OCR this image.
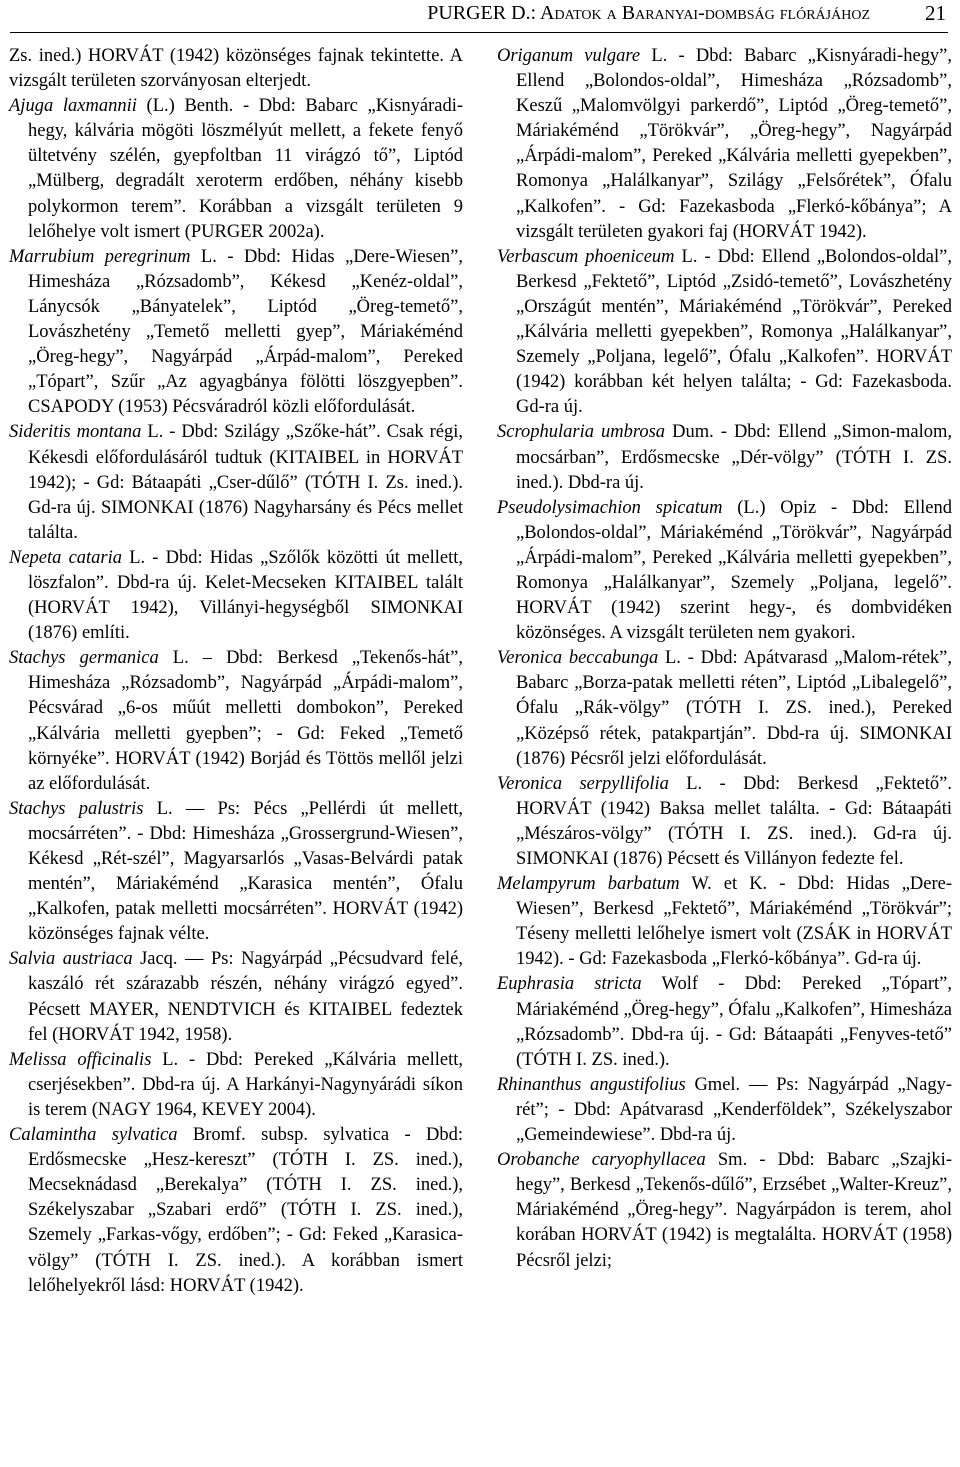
PURGER D.: Adatok a Baranyai-dombság flórájához	21

Zs. ined.) HORVÁT (1942) közönséges fajnak tekintette. A vizsgált területen szorványosan elterjedt.

Ajuga laxmannii (L.) Benth. - Dbd: Babarc „Kisnyáradi-hegy, kálvária mögöti löszmélyút mellett, a fekete fenyő ültetvény szélén, gyepfoltban 11 virágzó tő”, Liptód „Mülberg, degradált xeroterm erdőben, néhány kisebb polykormon terem”. Korábban a vizsgált területen 9 lelőhelye volt ismert (PURGER 2002a).

Marrubium peregrinum L. - Dbd: Hidas „Dere-Wiesen”, Himesháza „Rózsadomb”, Kékesd „Kenéz-oldal”, Lánycsók „Bányatelek”, Liptód „Öreg-temető”, Lovászhetény „Temető melletti gyep”, Máriakéménd „Öreg-hegy”, Nagyárpád „Árpád-malom”, Pereked „Tópart”, Szűr „Az agyagbánya fölötti löszgyepben”. CSAPODY (1953) Pécsváradról közli előfordulását.

Sideritis montana L. - Dbd: Szilágy „Szőke-hát”. Csak régi, Kékesdi előfordulásáról tudtuk (KITAIBEL in HORVÁT 1942); - Gd: Bátaapáti „Cser-dűlő” (TÓTH I. Zs. ined.). Gd-ra új. SIMONKAI (1876) Nagyharsány és Pécs mellet találta.

Nepeta cataria L. - Dbd: Hidas „Szőlők közötti út mellett, löszfalon”. Dbd-ra új. Kelet-Mecseken KITAIBEL talált (HORVÁT 1942), Villányi-hegységből SIMONKAI (1876) említi.

Stachys germanica L. – Dbd: Berkesd „Tekenős-hát”, Himesháza „Rózsadomb”, Nagyárpád „Árpádi-malom”, Pécsvárad „6-os műút melletti dombokon”, Pereked „Kálvária melletti gyepben”; - Gd: Feked „Temető környéke”. HORVÁT (1942) Borjád és Töttös mellől jelzi az előfordulását.

Stachys palustris L. — Ps: Pécs „Pellérdi út mellett, mocsárréten”. - Dbd: Himesháza „Grossergrund-Wiesen”, Kékesd „Rét-szél”, Magyarsarlós „Vasas-Belvárdi patak mentén”, Máriakéménd „Karasica mentén”, Ófalu „Kalkofen, patak melletti mocsárréten”. HORVÁT (1942) közönséges fajnak vélte.

Salvia austriaca Jacq. — Ps: Nagyárpád „Pécsudvard felé, kaszáló rét szárazabb részén, néhány virágzó egyed”. Pécsett MAYER, NENDTVICH és KITAIBEL fedeztek fel (HORVÁT 1942, 1958).

Melissa officinalis L. - Dbd: Pereked „Kálvária mellett, cserjésekben”. Dbd-ra új. A Harkányi-Nagynyárádi síkon is terem (NAGY 1964, KEVEY 2004).

Calamintha sylvatica Bromf. subsp. sylvatica - Dbd: Erdősmecske „Hesz-kereszt” (TÓTH I. ZS. ined.), Mecseknádasd „Berekalya” (TÓTH I. ZS. ined.), Székelyszabar „Szabari erdő” (TÓTH I. ZS. ined.), Szemely „Farkas-vőgy, erdőben”; - Gd: Feked „Karasica-völgy” (TÓTH I. ZS. ined.). A korábban ismert lelőhelyekről lásd: HORVÁT (1942).

Origanum vulgare L. - Dbd: Babarc „Kisnyáradi-hegy”, Ellend „Bolondos-oldal”, Himesháza „Rózsadomb”, Keszű „Malomvölgyi parkerdő”, Liptód „Öreg-temető”, Máriakéménd „Törökvár”, „Öreg-hegy”, Nagyárpád „Árpádi-malom”, Pereked „Kálvária melletti gyepekben”, Romonya „Halálkanyar”, Szilágy „Felsőrétek”, Ófalu „Kalkofen”. - Gd: Fazekasboda „Flerkó-kőbánya”; A vizsgált területen gyakori faj (HORVÁT 1942).

Verbascum phoeniceum L. - Dbd: Ellend „Bolondos-oldal”, Berkesd „Fektető”, Liptód „Zsidó-temető”, Lovászhetény „Országút mentén”, Máriakéménd „Törökvár”, Pereked „Kálvária melletti gyepekben”, Romonya „Halálkanyar”, Szemely „Poljana, legelő”, Ófalu „Kalkofen”. HORVÁT (1942) korábban két helyen találta; - Gd: Fazekasboda. Gd-ra új.

Scrophularia umbrosa Dum. - Dbd: Ellend „Simon-malom, mocsárban”, Erdősmecske „Dér-völgy” (TÓTH I. ZS. ined.). Dbd-ra új.

Pseudolysimachion spicatum (L.) Opiz - Dbd: Ellend „Bolondos-oldal”, Máriakéménd „Törökvár”, Nagyárpád „Árpádi-malom”, Pereked „Kálvária melletti gyepekben”, Romonya „Halálkanyar”, Szemely „Poljana, legelő”. HORVÁT (1942) szerint hegy-, és dombvidéken közönséges. A vizsgált területen nem gyakori.

Veronica beccabunga L. - Dbd: Apátvarasd „Malom-rétek”, Babarc „Borza-patak melletti réten”, Liptód „Libalegelő”, Ófalu „Rák-völgy” (TÓTH I. ZS. ined.), Pereked „Középső rétek, patakpartján”. Dbd-ra új. SIMONKAI (1876) Pécsről jelzi előfordulását.

Veronica serpyllifolia L. - Dbd: Berkesd „Fektető”. HORVÁT (1942) Baksa mellet találta. - Gd: Bátaapáti „Mészáros-völgy” (TÓTH I. ZS. ined.). Gd-ra új. SIMONKAI (1876) Pécsett és Villányon fedezte fel.

Melampyrum barbatum W. et K. - Dbd: Hidas „Dere-Wiesen”, Berkesd „Fektető”, Máriakéménd „Törökvár”; Téseny melletti lelőhelye ismert volt (ZSÁK in HORVÁT 1942). - Gd: Fazekasboda „Flerkó-kőbánya”. Gd-ra új.

Euphrasia stricta Wolf - Dbd: Pereked „Tópart”, Máriakéménd „Öreg-hegy”, Ófalu „Kalkofen”, Himesháza „Rózsadomb”. Dbd-ra új. - Gd: Bátaapáti „Fenyves-tető” (TÓTH I. ZS. ined.).

Rhinanthus angustifolius Gmel. — Ps: Nagyárpád „Nagy-rét”; - Dbd: Apátvarasd „Kenderföldek”, Székelyszabor „Gemeindewiese”. Dbd-ra új.

Orobanche caryophyllacea Sm. - Dbd: Babarc „Szajki-hegy”, Berkesd „Tekenős-dűlő”, Erzsébet „Walter-Kreuz”, Máriakéménd „Öreg-hegy”. Nagyárpádon is terem, ahol korában HORVÁT (1942) is megtalálta. HORVÁT (1958) Pécsről jelzi;
